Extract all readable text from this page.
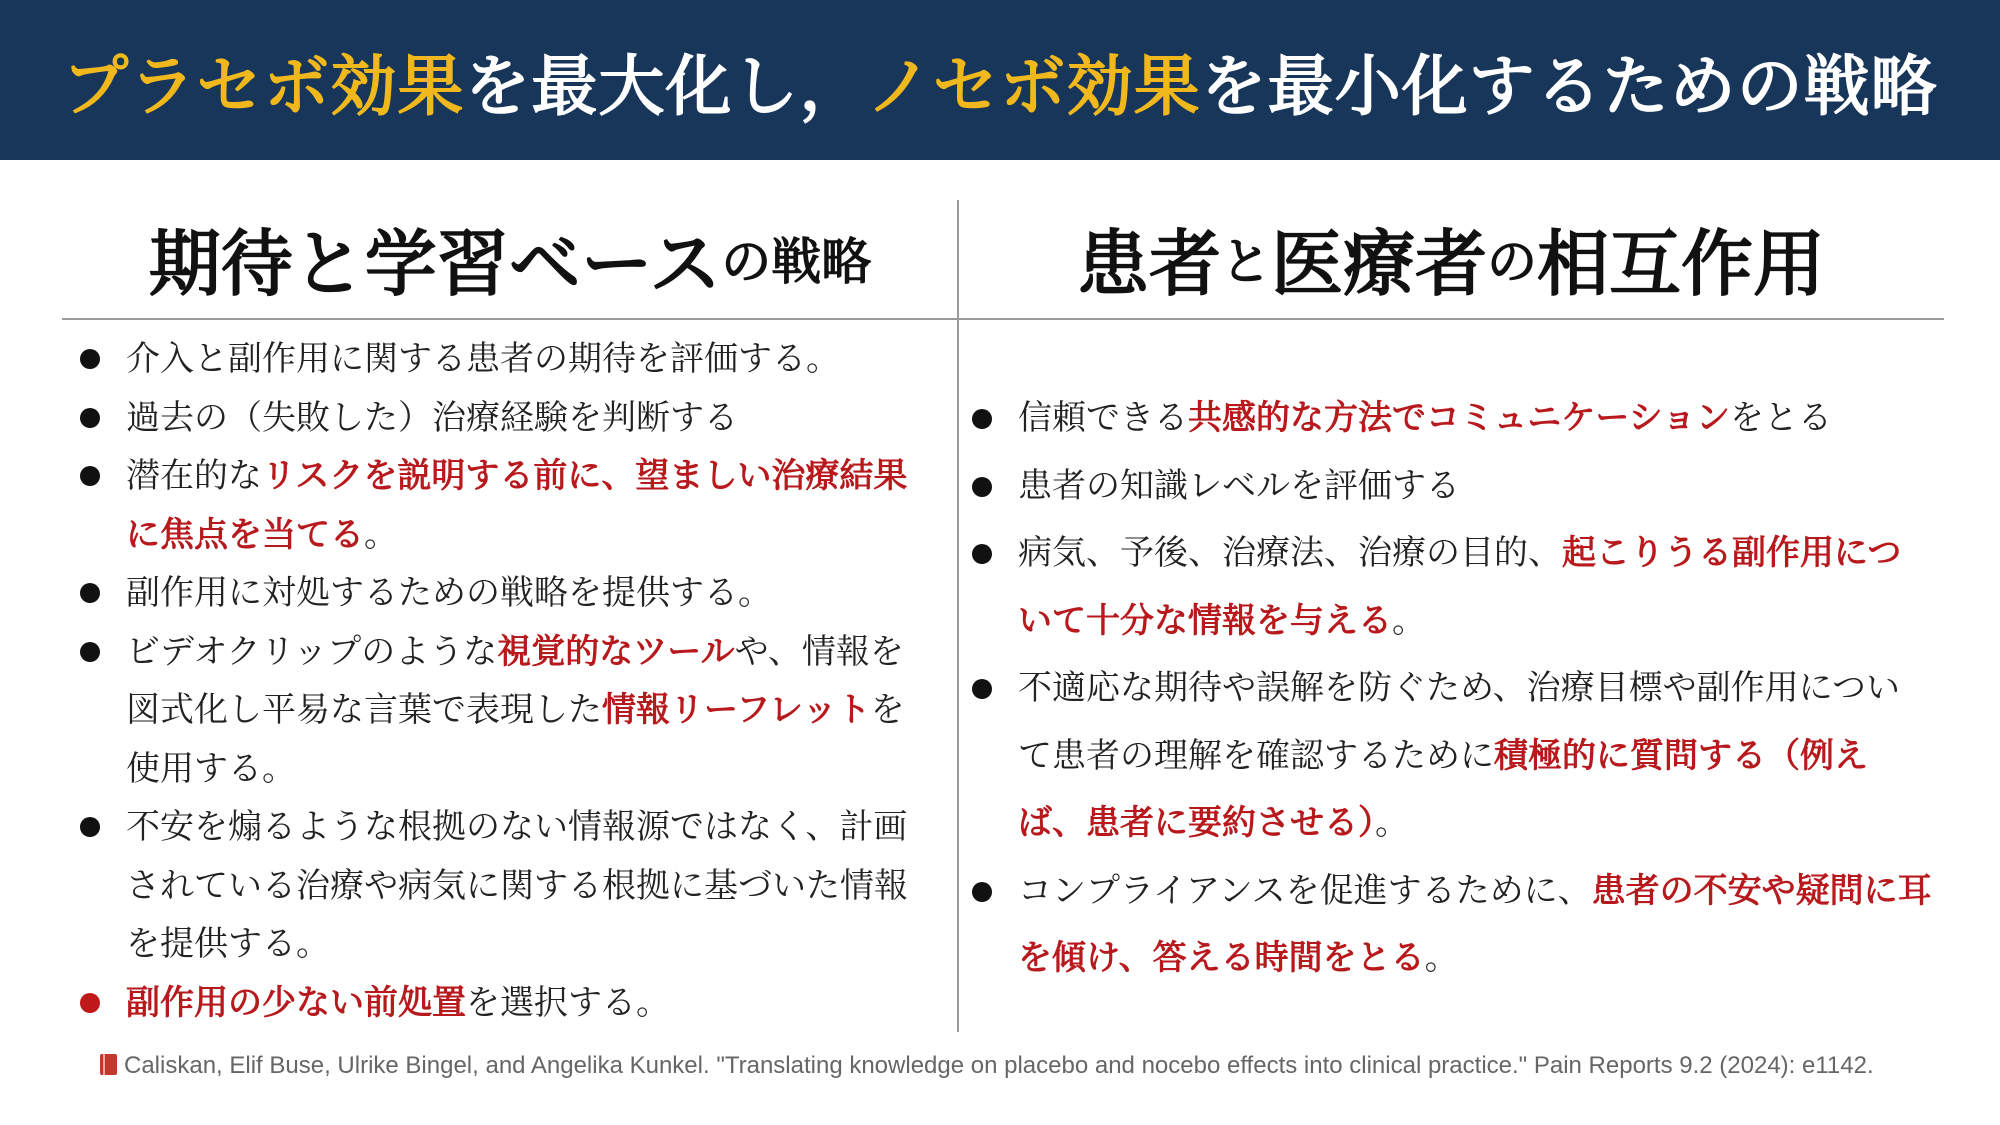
プラセボ効果を最大化し，ノセボ効果を最小化するための戦略
期待と学習ベース の戦略	患者 と 医療者 の 相互作用
介入と副作用に関する患者の期待を評価する。
過去の（失敗した）治療経験を判断する
潜在的なリスクを説明する前に、望ましい治療結果に焦点を当てる。
副作用に対処するための戦略を提供する。
ビデオクリップのような視覚的なツールや、情報を図式化し平易な言葉で表現した情報リーフレットを使用する。
不安を煽るような根拠のない情報源ではなく、計画されている治療や病気に関する根拠に基づいた情報を提供する。
副作用の少ない前処置を選択する。
信頼できる共感的な方法でコミュニケーションをとる
患者の知識レベルを評価する
病気、予後、治療法、治療の目的、起こりうる副作用について十分な情報を与える。
不適応な期待や誤解を防ぐため、治療目標や副作用について患者の理解を確認するために積極的に質問する（例えば、患者に要約させる）。
コンプライアンスを促進するために、患者の不安や疑問に耳を傾け、答える時間をとる。
Caliskan, Elif Buse, Ulrike Bingel, and Angelika Kunkel. "Translating knowledge on placebo and nocebo effects into clinical practice." Pain Reports 9.2 (2024): e1142.
